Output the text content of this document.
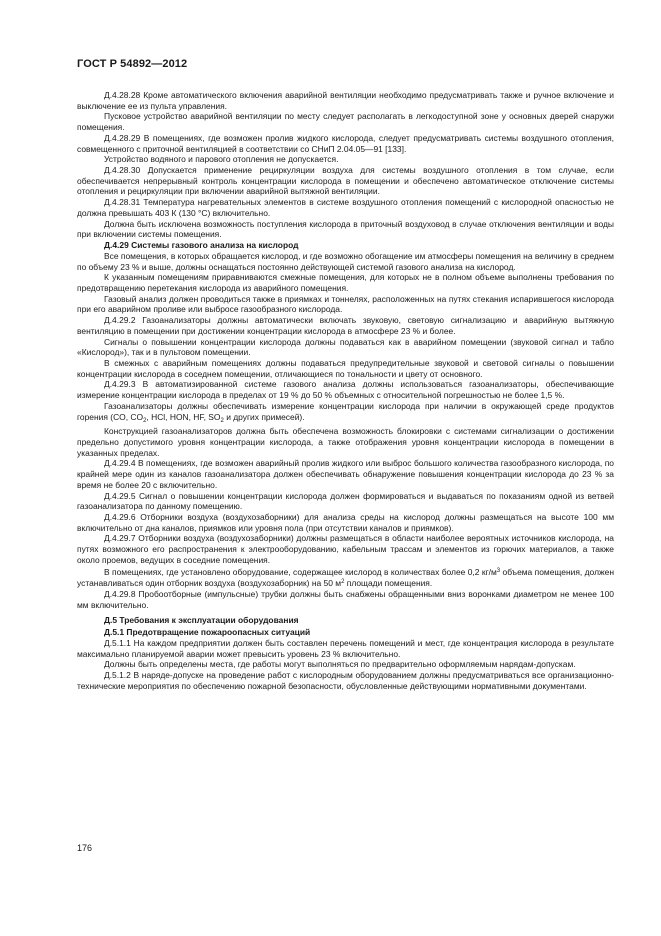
ГОСТ Р 54892—2012

Д.4.28.28 Кроме автоматического включения аварийной вентиляции необходимо предусматривать также и ручное включение и выключение ее из пульта управления.

Пусковое устройство аварийной вентиляции по месту следует располагать в легкодоступной зоне у основных дверей снаружи помещения.

Д.4.28.29 В помещениях, где возможен пролив жидкого кислорода, следует предусматривать системы воздушного отопления, совмещенного с приточной вентиляцией в соответствии со СНиП 2.04.05—91 [133].

Устройство водяного и парового отопления не допускается.

Д.4.28.30 Допускается применение рециркуляции воздуха для системы воздушного отопления в том случае, если обеспечивается непрерывный контроль концентрации кислорода в помещении и обеспечено автоматическое отключение системы отопления и рециркуляции при включении аварийной вытяжной вентиляции.

Д.4.28.31 Температура нагревательных элементов в системе воздушного отопления помещений с кислородной опасностью не должна превышать 403 К (130 °С) включительно.

Должна быть исключена возможность поступления кислорода в приточный воздуховод в случае отключения вентиляции и воды при включении системы помещения.

Д.4.29 Системы газового анализа на кислород

Все помещения, в которых обращается кислород, и где возможно обогащение им атмосферы помещения на величину в среднем по объему 23 % и выше, должны оснащаться постоянно действующей системой газового анализа на кислород.

К указанным помещениям приравниваются смежные помещения, для которых не в полном объеме выполнены требования по предотвращению перетекания кислорода из аварийного помещения.

Газовый анализ должен проводиться также в приямках и тоннелях, расположенных на путях стекания испарившегося кислорода при его аварийном проливе или выбросе газообразного кислорода.

Д.4.29.2 Газоанализаторы должны автоматически включать звуковую, световую сигнализацию и аварийную вытяжную вентиляцию в помещении при достижении концентрации кислорода в атмосфере 23 % и более.

Сигналы о повышении концентрации кислорода должны подаваться как в аварийном помещении (звуковой сигнал и табло «Кислород»), так и в пультовом помещении.

В смежных с аварийным помещениях должны подаваться предупредительные звуковой и световой сигналы о повышении концентрации кислорода в соседнем помещении, отличающиеся по тональности и цвету от основного.

Д.4.29.3 В автоматизированной системе газового анализа должны использоваться газоанализаторы, обеспечивающие измерение концентрации кислорода в пределах от 19 % до 50 % объемных с относительной погрешностью не более 1,5 %.

Газоанализаторы должны обеспечивать измерение концентрации кислорода при наличии в окружающей среде продуктов горения (CO, $CO_2$, HCl, HON, HF, $SO_2$ и других примесей).

Конструкцией газоанализаторов должна быть обеспечена возможность блокировки с системами сигнализации о достижении предельно допустимого уровня концентрации кислорода, а также отображения уровня концентрации кислорода в помещении в указанных пределах.

Д.4.29.4 В помещениях, где возможен аварийный пролив жидкого или выброс большого количества газообразного кислорода, по крайней мере один из каналов газоанализатора должен обеспечивать обнаружение повышения концентрации кислорода до 23 % за время не более 20 с включительно.

Д.4.29.5 Сигнал о повышении концентрации кислорода должен формироваться и выдаваться по показаниям одной из ветвей газоанализатора по данному помещению.

Д.4.29.6 Отборники воздуха (воздухозаборники) для анализа среды на кислород должны размещаться на высоте 100 мм включительно от дна каналов, приямков или уровня пола (при отсутствии каналов и приямков).

Д.4.29.7 Отборники воздуха (воздухозаборники) должны размещаться в области наиболее вероятных источников кислорода, на путях возможного его распространения к электрооборудованию, кабельным трассам и элементов из горючих материалов, а также около проемов, ведущих в соседние помещения.

В помещениях, где установлено оборудование, содержащее кислород в количествах более 0,2 $кг/м^3$ объема помещения, должен устанавливаться один отборник воздуха (воздухозаборник) на 50 $м^2$ площади помещения.

Д.4.29.8 Пробоотборные (импульсные) трубки должны быть снабжены обращенными вниз воронками диаметром не менее 100 мм включительно.

Д.5 Требования к эксплуатации оборудования

Д.5.1 Предотвращение пожароопасных ситуаций

Д.5.1.1 На каждом предприятии должен быть составлен перечень помещений и мест, где концентрация кислорода в результате максимально планируемой аварии может превысить уровень 23 % включительно.

Должны быть определены места, где работы могут выполняться по предварительно оформляемым нарядам-допускам.

Д.5.1.2 В наряде-допуске на проведение работ с кислородным оборудованием должны предусматриваться все организационно-технические мероприятия по обеспечению пожарной безопасности, обусловленные действующими нормативными документами.

176
